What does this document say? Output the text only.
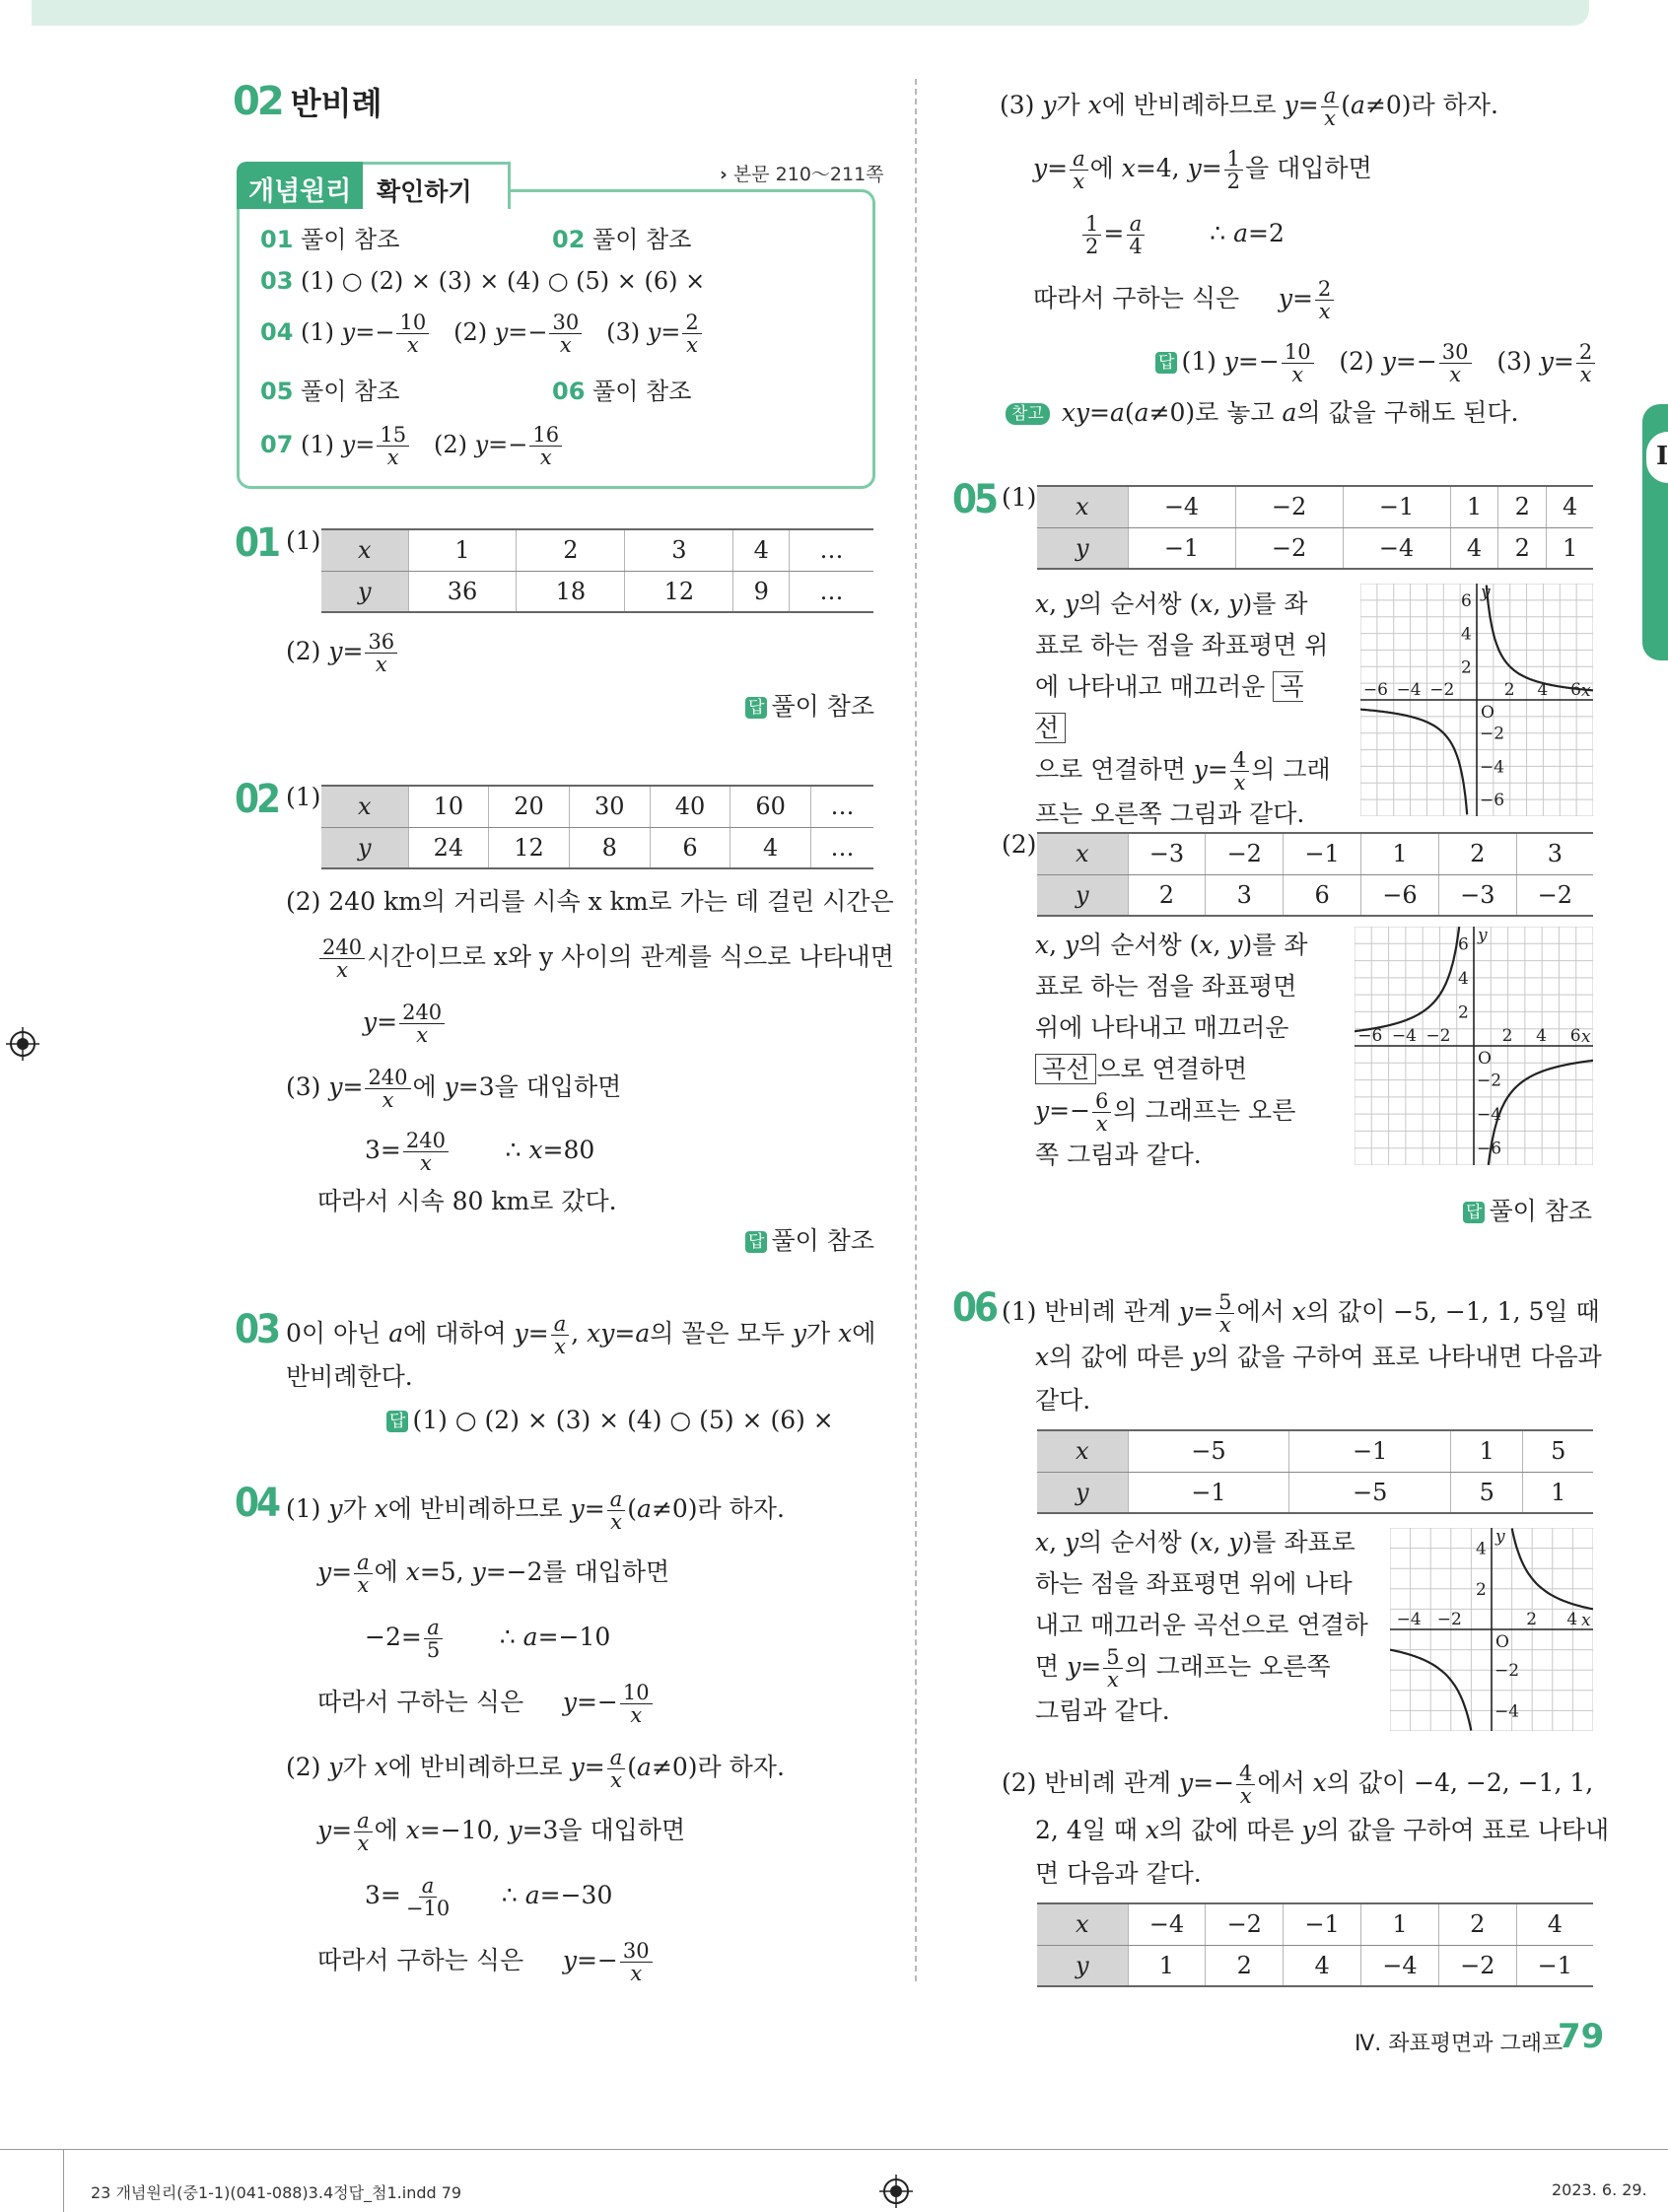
I
02 반비례
개념원리	확인하기
› 본문 210～211쪽
01 풀이 참조	02 풀이 참조
03 (1) ○ (2) × (3) × (4) ○ (5) × (6) ×
04 (1) $y=- \frac{10}{x} (2)$ $y=- \frac{30}{x} (3)$ $y= \frac{2}{x}$
05 풀이 참조	06 풀이 참조
07 (1) $y= \frac{15}{x} (2)$ $y=- \frac{16}{x}$
01 (1) x	1	2	3	4	…
y	36	18	12	9	…
(2) $y= \frac{36}{x}$
답 풀이 참조
02 (1) x	10	20	30	40	60	…
y	24	12	8	6	4	…
(2) 240 km의 거리를 시속 x km로 가는 데 걸린 시간은
$\frac{240}{x}$ 시간이므로 x와 y 사이의 관계를 식으로 나타내면
$y= \frac{240}{x}$
(3) $y= \frac{240}{x}$ 에 y=3을 대입하면
$3= \frac{240}{x}$ ∴ x=80
따라서 시속 80 km로 갔다.
답 풀이 참조
03 0이 아닌 a에 대하여 $y= \frac{a}{x}$ , xy=a의 꼴은 모두 y가 x에
반비례한다.
답 (1) ○ (2) × (3) × (4) ○ (5) × (6) ×
04 (1) y가 x에 반비례하므로 $y= \frac{a}{x} (a\ne 0)$라 하자.
$y= \frac{a}{x}$ 에 x=5, y=−2를 대입하면
$-2= \frac{a}{5}$ ∴ a=−10
따라서 구하는 식은 $y=- \frac{10}{x}$
(2) y가 x에 반비례하므로 $y= \frac{a}{x} (a\ne 0)$라 하자.
$y= \frac{a}{x}$ 에 x=−10, y=3을 대입하면
$3= \frac{a}{-10}$ ∴ a=−30
따라서 구하는 식은 $y=- \frac{30}{x}$
(3) y가 x에 반비례하므로 $y= \frac{a}{x} (a\ne 0)$라 하자.
$y= \frac{a}{x}$ 에 x=4, $y= \frac{1}{2}$ 을 대입하면
$\frac{1}{2} = \frac{a}{4}$ ∴ a=2
따라서 구하는 식은 $y= \frac{2}{x}$
답 (1) $y=- \frac{10}{x} (2)$ $y=- \frac{30}{x} (3)$ $y= \frac{2}{x}$
참고 xy=a(a≠0)로 놓고 a의 값을 구해도 된다.
05 (1) x	−4	−2	−1	1	2	4
y	−1	−2	−4	4	2	1
x, y의 순서쌍 (x, y)를 좌
표로 하는 점을 좌표평면 위
에 나타내고 매끄러운 곡선
으로 연결하면 $y= \frac{4}{x}$ 의 그래
프는 오른쪽 그림과 같다.
x
y
O
2
−2
2
−2
4
−4
4
−4
6
−6
6
−6
(2) x	−3	−2	−1	1	2	3
y	2	3	6	−6	−3	−2
x, y의 순서쌍 (x, y)를 좌
표로 하는 점을 좌표평면
위에 나타내고 매끄러운
곡선 으로 연결하면
$y=- \frac{6}{x}$ 의 그래프는 오른
쪽 그림과 같다.
x
y
O
2
−2
2
−2
4
−4
4
−4
6
−6
6
−6
답 풀이 참조
06 (1) 반비례 관계 $y= \frac{5}{x}$ 에서 x의 값이 −5, −1, 1, 5일 때
x의 값에 따른 y의 값을 구하여 표로 나타내면 다음과
같다.
x	−5	−1	1	5
y	−1	−5	5	1
x, y의 순서쌍 (x, y)를 좌표로
하는 점을 좌표평면 위에 나타
내고 매끄러운 곡선으로 연결하
면 $y= \frac{5}{x}$ 의 그래프는 오른쪽
그림과 같다.
x
y
O
2
−2
2
−2
4
−4
4
−4
(2) 반비례 관계 $y=- \frac{4}{x}$ 에서 x의 값이 −4, −2, −1, 1,
2, 4일 때 x의 값에 따른 y의 값을 구하여 표로 나타내
면 다음과 같다.
x	−4	−2	−1	1	2	4
y	1	2	4	−4	−2	−1
Ⅳ. 좌표평면과 그래프
79
23 개념원리(중1-1)(041-088)3.4정답_첨1.indd 79	2023. 6. 29.
